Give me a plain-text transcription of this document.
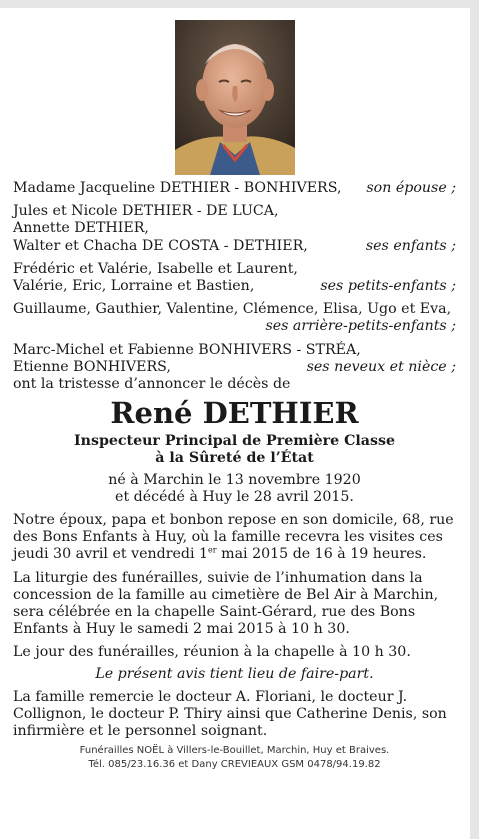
Madame Jacqueline DETHIER - BONHIVERS, son épouse ;
Jules et Nicole DETHIER - DE LUCA,
Annette DETHIER,
Walter et Chacha DE COSTA - DETHIER,	ses enfants ;
Frédéric et Valérie, Isabelle et Laurent,
Valérie, Eric, Lorraine et Bastien,	ses petits-enfants ;
Guillaume, Gauthier, Valentine, Clémence, Elisa, Ugo et Eva,
ses arrière-petits-enfants ;
Marc-Michel et Fabienne BONHIVERS - STRÉA,
Etienne BONHIVERS,	ses neveux et nièce ;
ont la tristesse d’annoncer le décès de
René DETHIER
Inspecteur Principal de Première Classe
à la Sûreté de l’État
né à Marchin le 13 novembre 1920
et décédé à Huy le 28 avril 2015.
Notre époux, papa et bonbon repose en son domicile, 68, rue des Bons Enfants à Huy, où la famille recevra les visites ces jeudi 30 avril et vendredi 1er mai 2015 de 16 à 19 heures.
La liturgie des funérailles, suivie de l’inhumation dans la concession de la famille au cimetière de Bel Air à Marchin, sera célébrée en la chapelle Saint-Gérard, rue des Bons Enfants à Huy le samedi 2 mai 2015 à 10 h 30.
Le jour des funérailles, réunion à la chapelle à 10 h 30.
Le présent avis tient lieu de faire-part.
La famille remercie le docteur A. Floriani, le docteur J. Collignon, le docteur P. Thiry ainsi que Catherine Denis, son infirmière et le personnel soignant.
Funérailles NOËL à Villers-le-Bouillet, Marchin, Huy et Braives.
Tél. 085/23.16.36 et Dany CREVIEAUX GSM 0478/94.19.82
